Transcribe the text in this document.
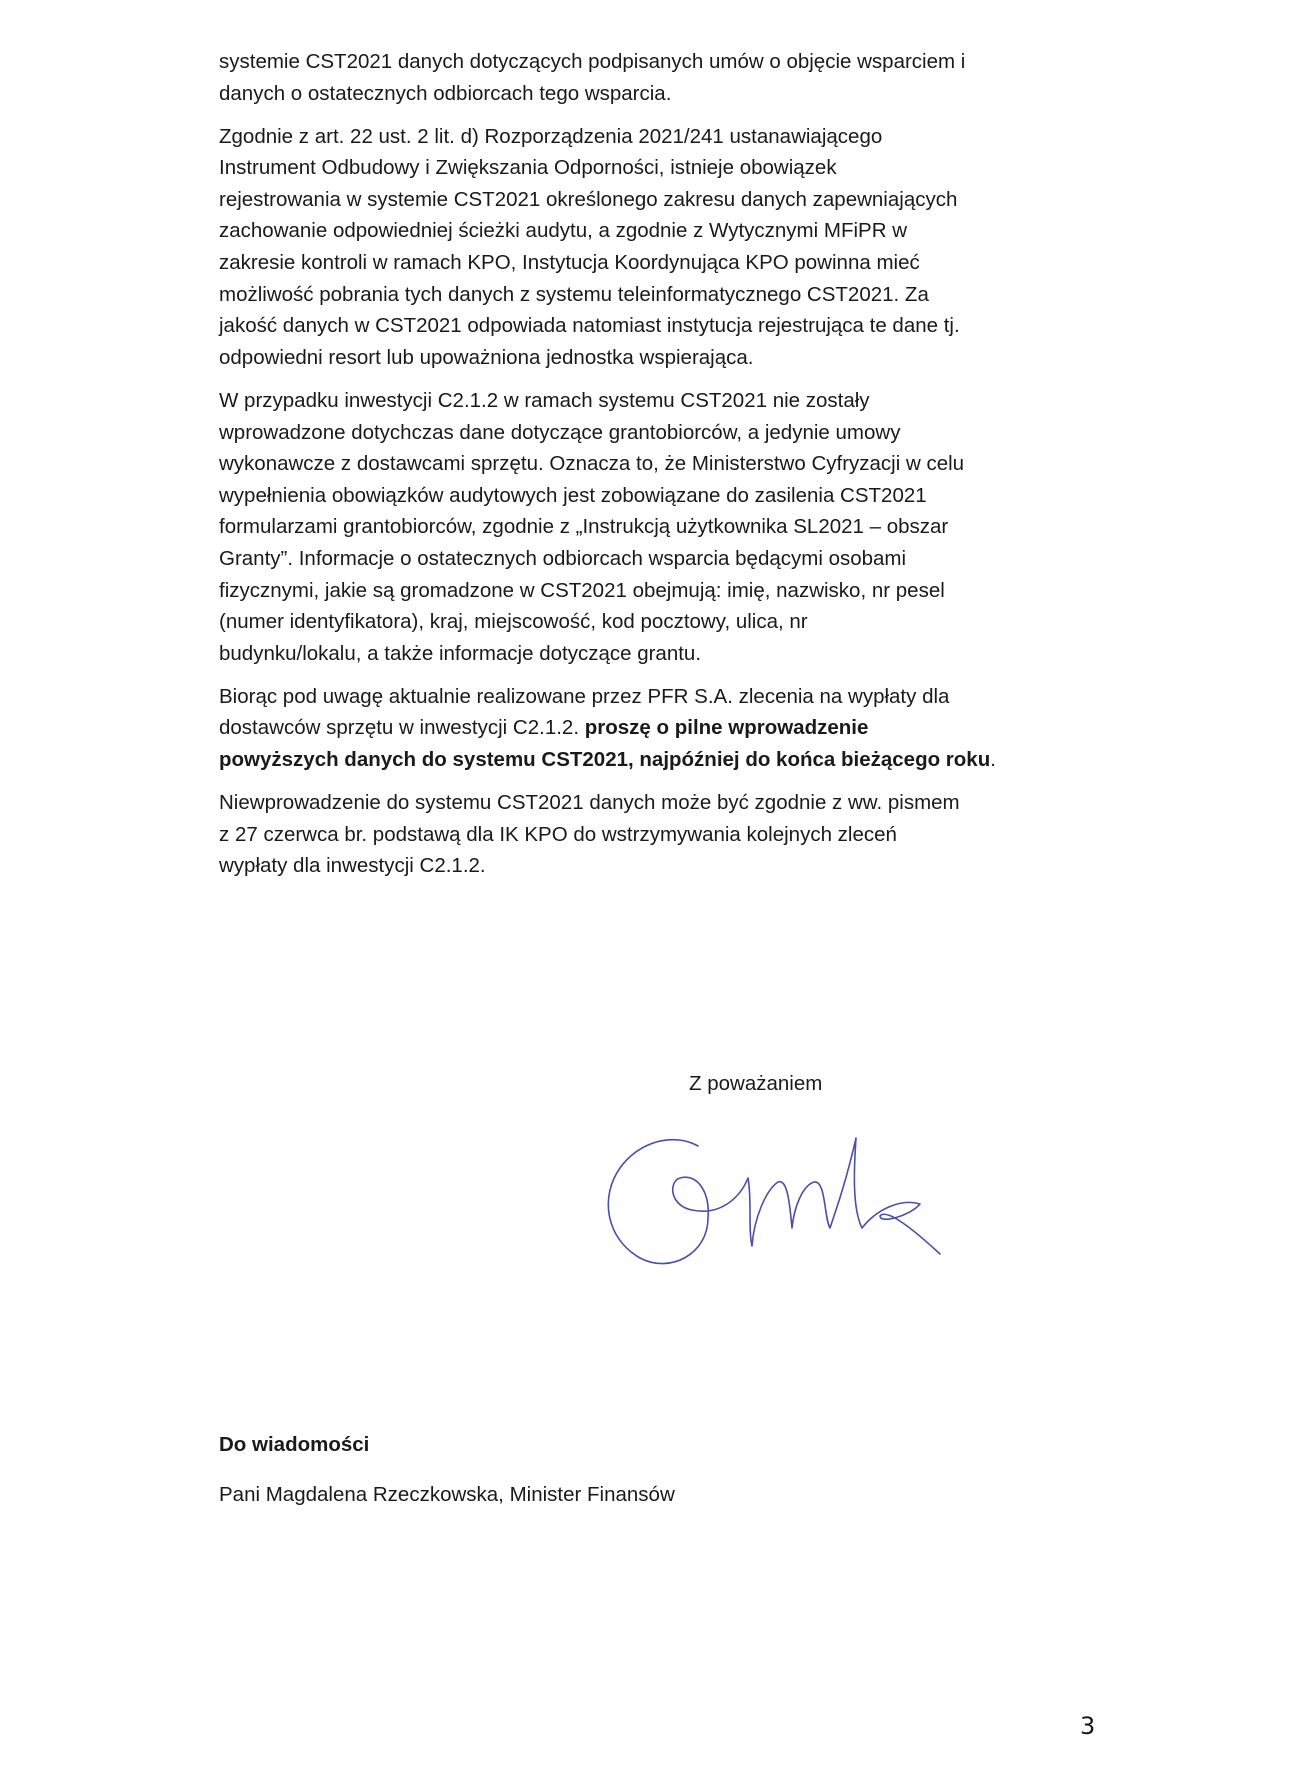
systemie CST2021 danych dotyczących podpisanych umów o objęcie wsparciem i
danych o ostatecznych odbiorcach tego wsparcia.

Zgodnie z art. 22 ust. 2 lit. d) Rozporządzenia 2021/241 ustanawiającego
Instrument Odbudowy i Zwiększania Odporności, istnieje obowiązek
rejestrowania w systemie CST2021 określonego zakresu danych zapewniających
zachowanie odpowiedniej ścieżki audytu, a zgodnie z Wytycznymi MFiPR w
zakresie kontroli w ramach KPO, Instytucja Koordynująca KPO powinna mieć
możliwość pobrania tych danych z systemu teleinformatycznego CST2021. Za
jakość danych w CST2021 odpowiada natomiast instytucja rejestrująca te dane tj.
odpowiedni resort lub upoważniona jednostka wspierająca.

W przypadku inwestycji C2.1.2 w ramach systemu CST2021 nie zostały
wprowadzone dotychczas dane dotyczące grantobiorców, a jedynie umowy
wykonawcze z dostawcami sprzętu. Oznacza to, że Ministerstwo Cyfryzacji w celu
wypełnienia obowiązków audytowych jest zobowiązane do zasilenia CST2021
formularzami grantobiorców, zgodnie z „Instrukcją użytkownika SL2021 – obszar
Granty”. Informacje o ostatecznych odbiorcach wsparcia będącymi osobami
fizycznymi, jakie są gromadzone w CST2021 obejmują: imię, nazwisko, nr pesel
(numer identyfikatora), kraj, miejscowość, kod pocztowy, ulica, nr
budynku/lokalu, a także informacje dotyczące grantu.

Biorąc pod uwagę aktualnie realizowane przez PFR S.A. zlecenia na wypłaty dla
dostawców sprzętu w inwestycji C2.1.2. proszę o pilne wprowadzenie
powyższych danych do systemu CST2021, najpóźniej do końca bieżącego roku.

Niewprowadzenie do systemu CST2021 danych może być zgodnie z ww. pismem
z 27 czerwca br. podstawą dla IK KPO do wstrzymywania kolejnych zleceń
wypłaty dla inwestycji C2.1.2.

Z poważaniem
Do wiadomości
Pani Magdalena Rzeczkowska, Minister Finansów
3
